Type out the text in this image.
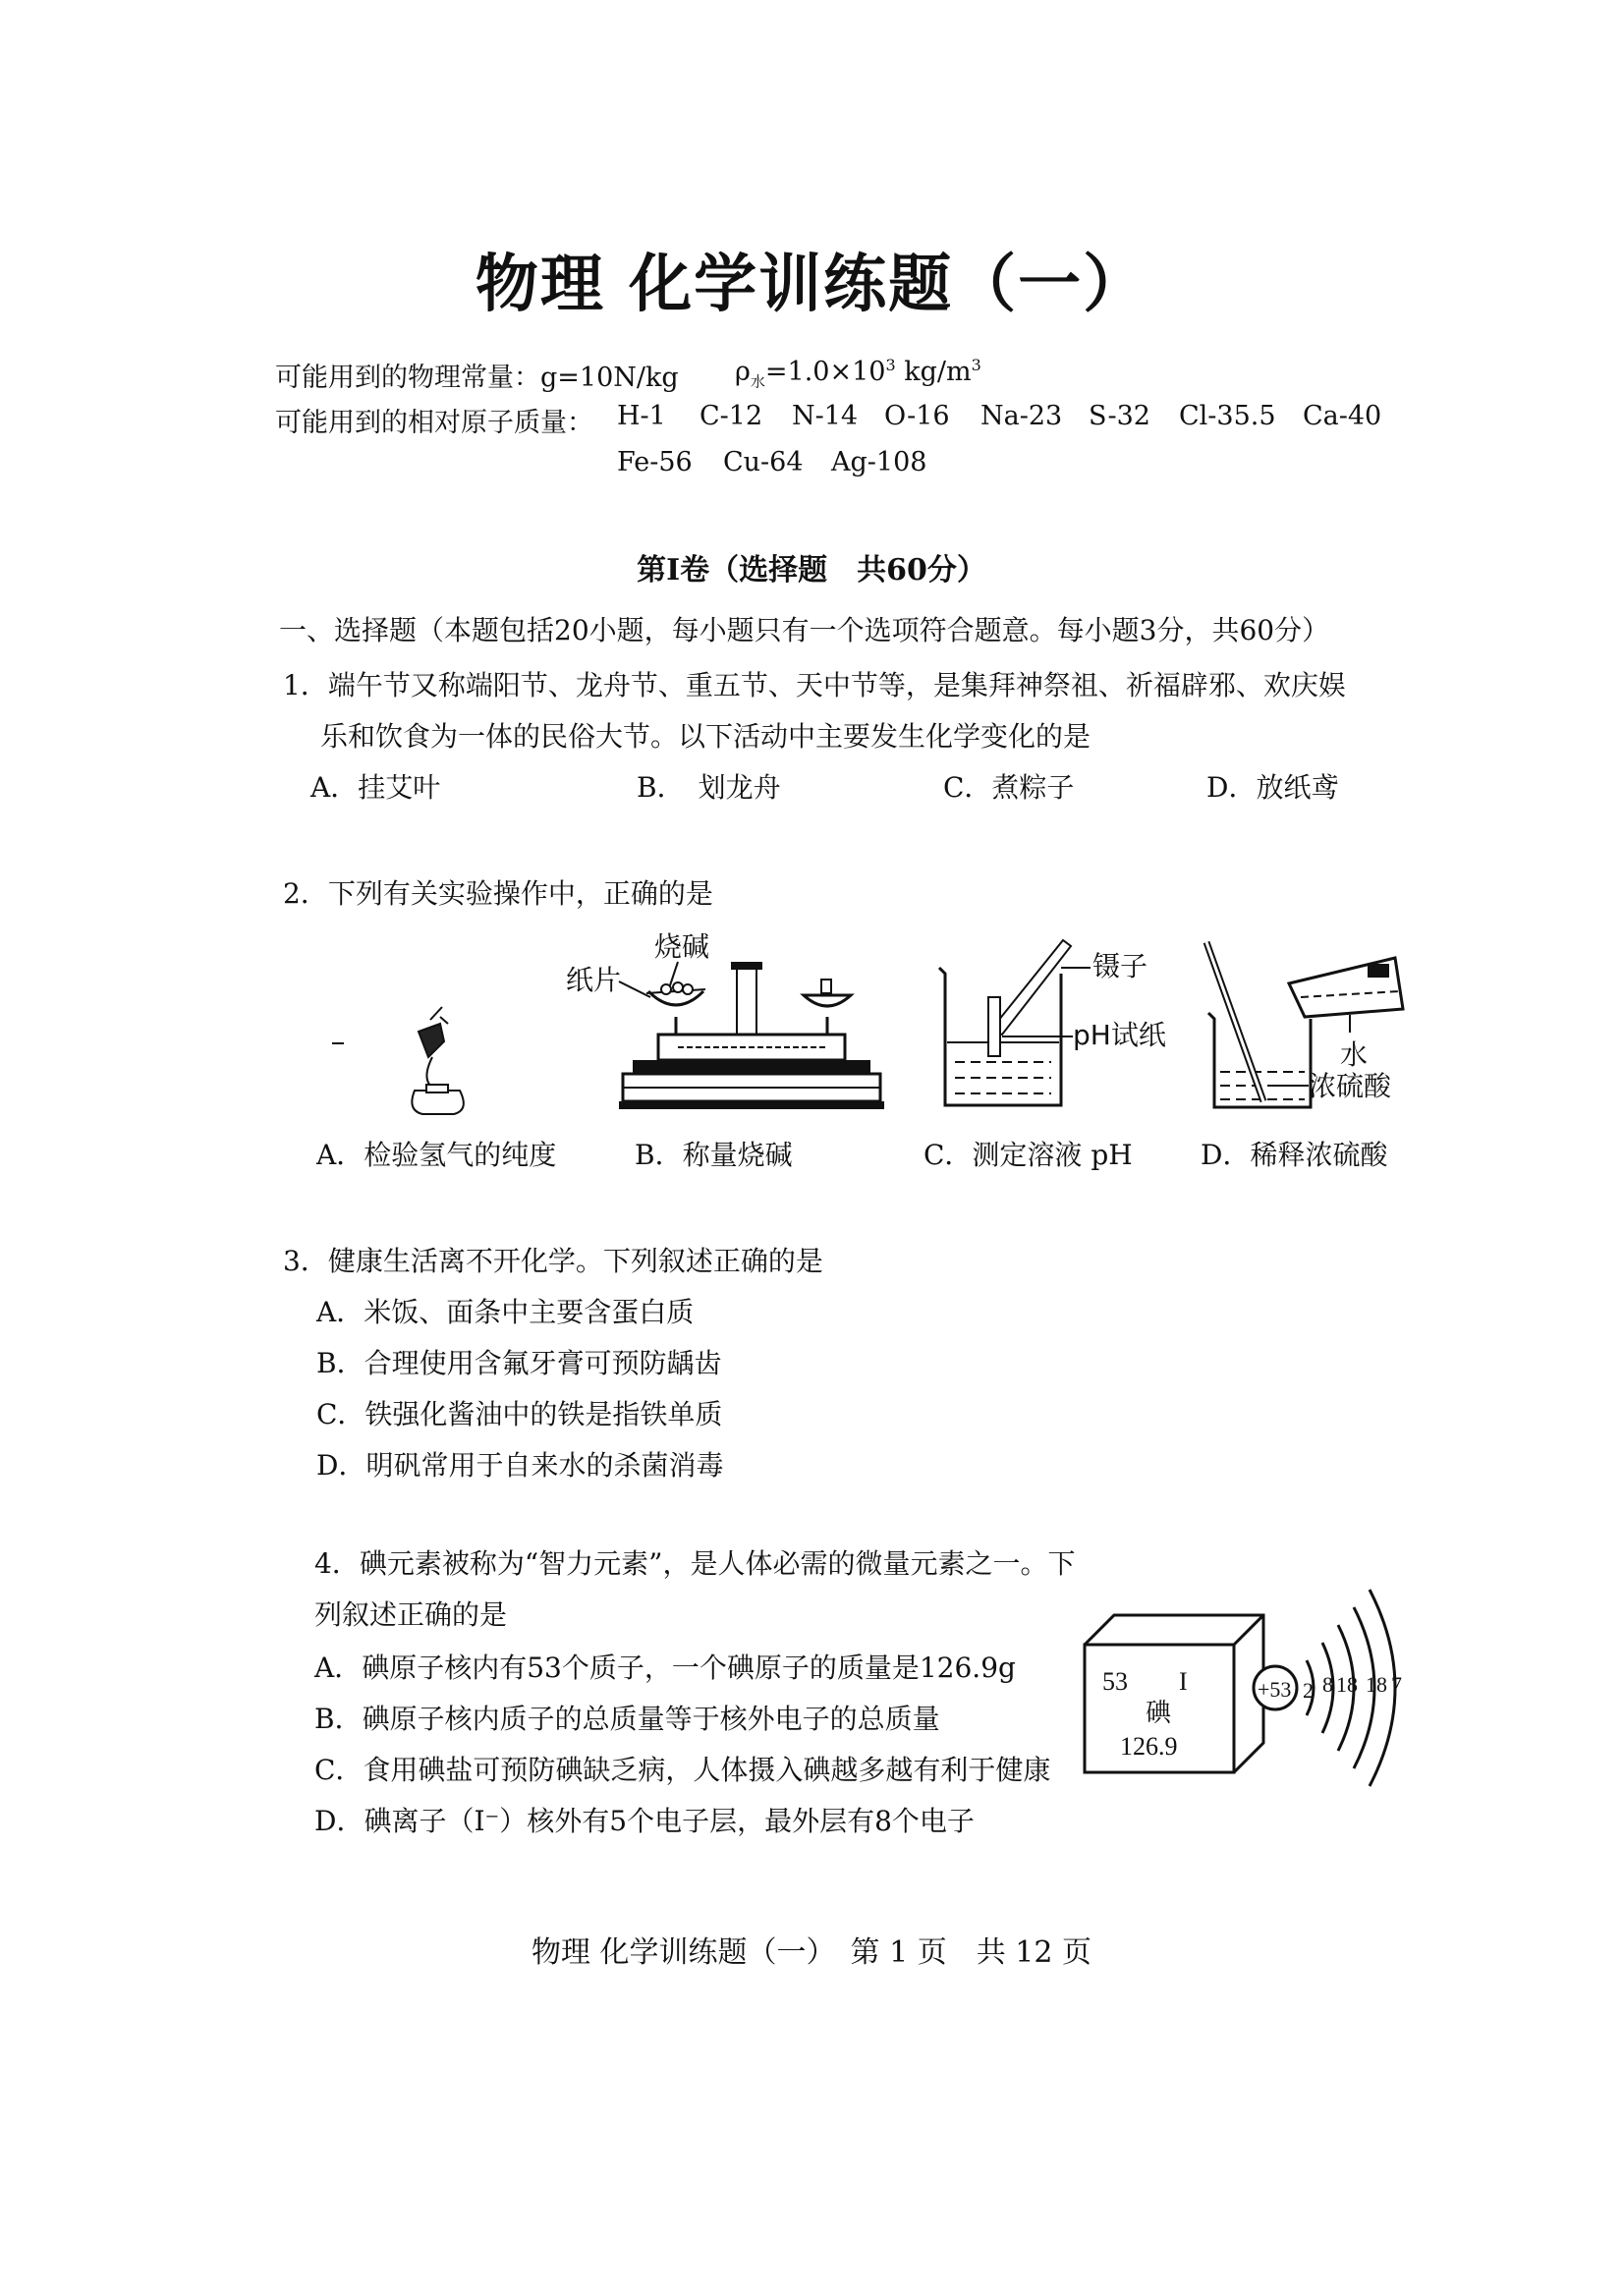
物理 化学训练题（一）
可能用到的物理常量：g=10N/kg $\rho_水=1.0\times 10^3$ $kg/m^3$
可能用到的相对原子质量： H-1 C-12 N-14 O-16 Na-23 S-32 Cl-35.5 Ca-40
Fe-56 Cu-64 Ag-108
第Ⅰ卷（选择题　共60分）
一、选择题（本题包括20小题，每小题只有一个选项符合题意。每小题3分，共60分）
1．端午节又称端阳节、龙舟节、重五节、天中节等，是集拜神祭祖、祈福辟邪、欢庆娱
乐和饮食为一体的民俗大节。以下活动中主要发生化学变化的是
A．挂艾叶	B．　划龙舟	C．煮粽子	D．放纸鸢
2．下列有关实验操作中，正确的是
烧碱
纸片	镊子
pH试纸
水
浓硫酸
A．检验氢气的纯度	B．称量烧碱	C．测定溶液 pH D．稀释浓硫酸
3．健康生活离不开化学。下列叙述正确的是
A．米饭、面条中主要含蛋白质
B．合理使用含氟牙膏可预防龋齿
C．铁强化酱油中的铁是指铁单质
D．明矾常用于自来水的杀菌消毒
4．碘元素被称为“智力元素”，是人体必需的微量元素之一。下
列叙述正确的是
A．碘原子核内有53个质子，一个碘原子的质量是126.9g
B．碘原子核内质子的总质量等于核外电子的总质量
C．食用碘盐可预防碘缺乏病，人体摄入碘越多越有利于健康
D．碘离子（I⁻）核外有5个电子层，最外层有8个电子
53 I
碘
126.9
+53 2 8 18 18 7
物理 化学训练题（一）　第 1 页　共 12 页
